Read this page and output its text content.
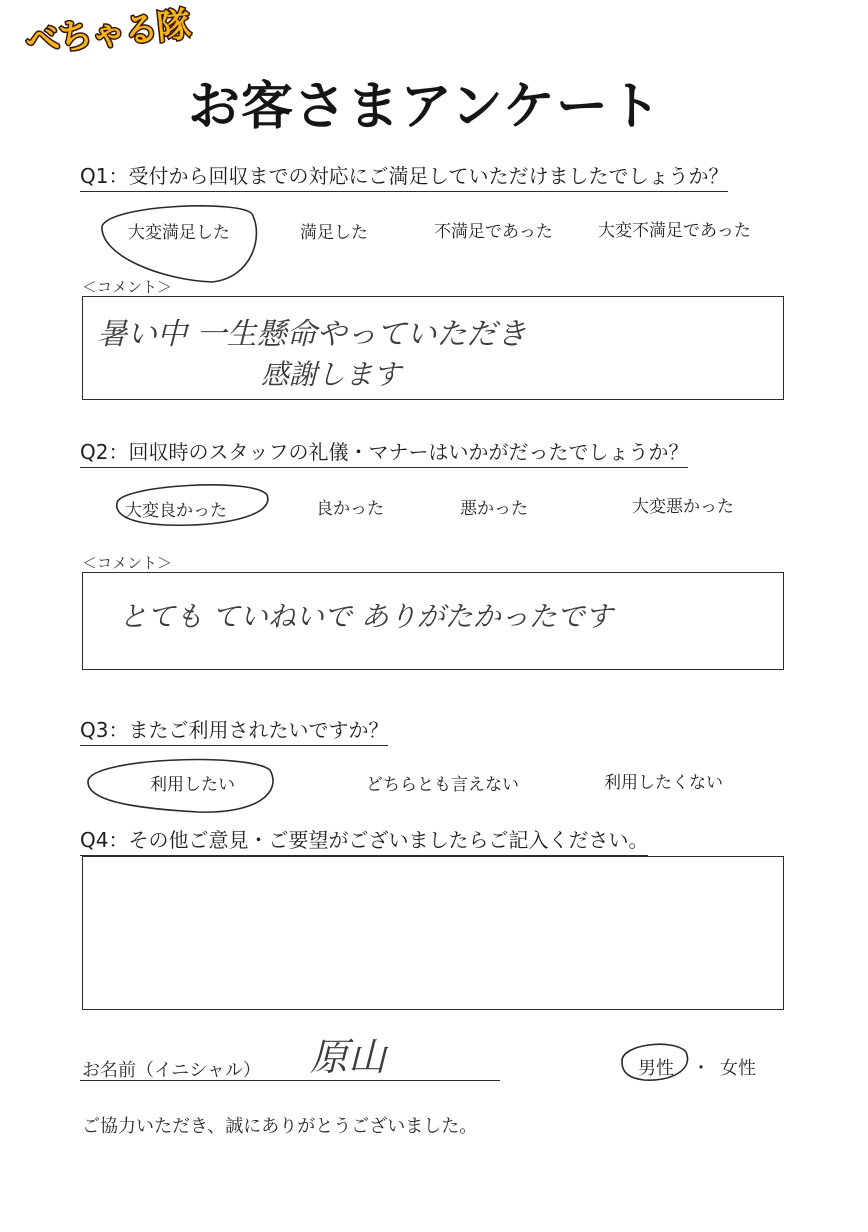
べちゃる隊
お客さまアンケート
Q1：受付から回収までの対応にご満足していただけましたでしょうか？
大変満足した	満足した	不満足であった	大変不満足であった
＜コメント＞
暑い中 一生懸命やっていただき
感謝します
Q2：回収時のスタッフの礼儀・マナーはいかがだったでしょうか？
大変良かった	良かった	悪かった	大変悪かった
＜コメント＞
とても ていねいで ありがたかったです
Q3：またご利用されたいですか？
利用したい	どちらとも言えない	利用したくない
Q4：その他ご意見・ご要望がございましたらご記入ください。
お名前（イニシャル） 原山	男性 ・ 女性
ご協力いただき、誠にありがとうございました。
